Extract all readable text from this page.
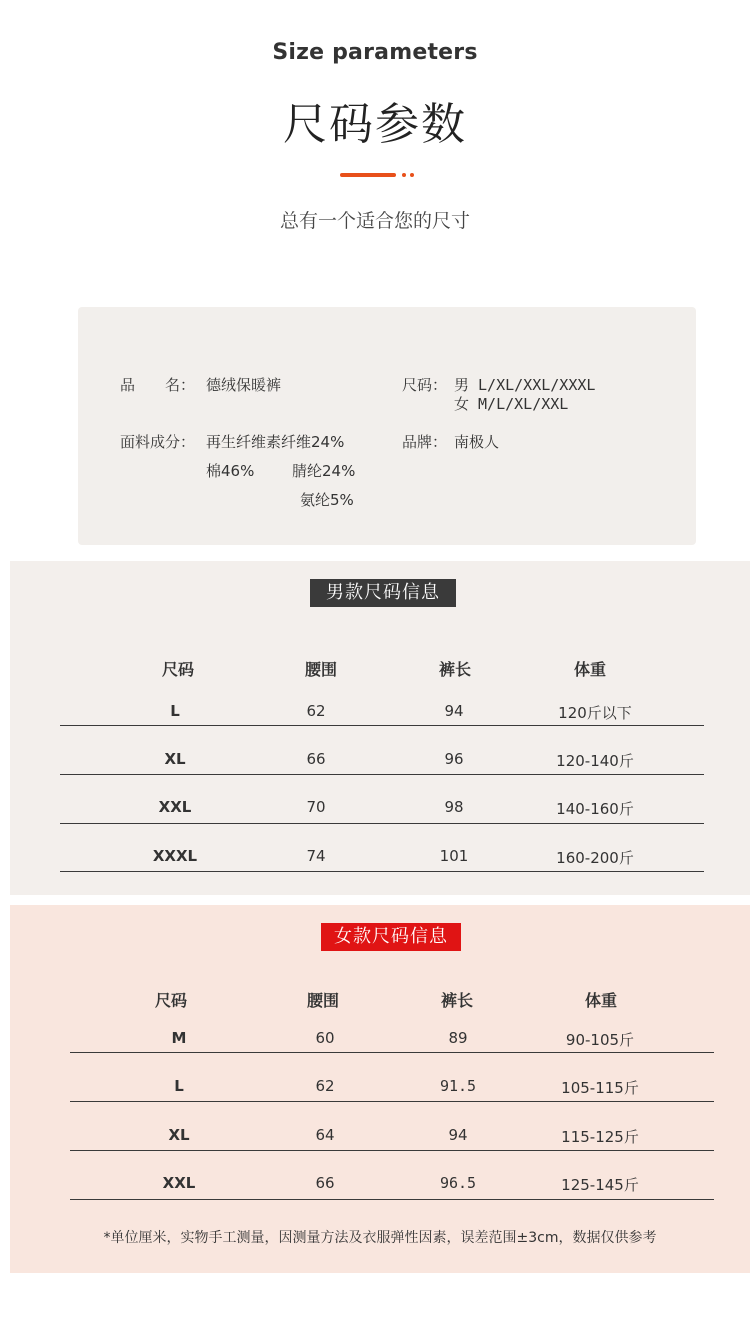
Size parameters
尺码参数
总有一个适合您的尺寸
品　　名： 德绒保暖裤	尺码： 男 L/XL/XXL/XXXL
女 M/L/XL/XXL
面料成分： 再生纤维素纤维24%
棉46%	腈纶24%
氨纶5%
品牌： 南极人
男款尺码信息
尺码	腰围	裤长	体重
L	62	94	120斤以下
XL	66	96	120-140斤
XXL	70	98	140-160斤
XXXL	74	101	160-200斤
女款尺码信息
尺码	腰围	裤长	体重
M	60	89	90-105斤
L	62	91.5	105-115斤
XL	64	94	115-125斤
XXL	66	96.5	125-145斤
*单位厘米，实物手工测量，因测量方法及衣服弹性因素，误差范围±3cm，数据仅供参考
